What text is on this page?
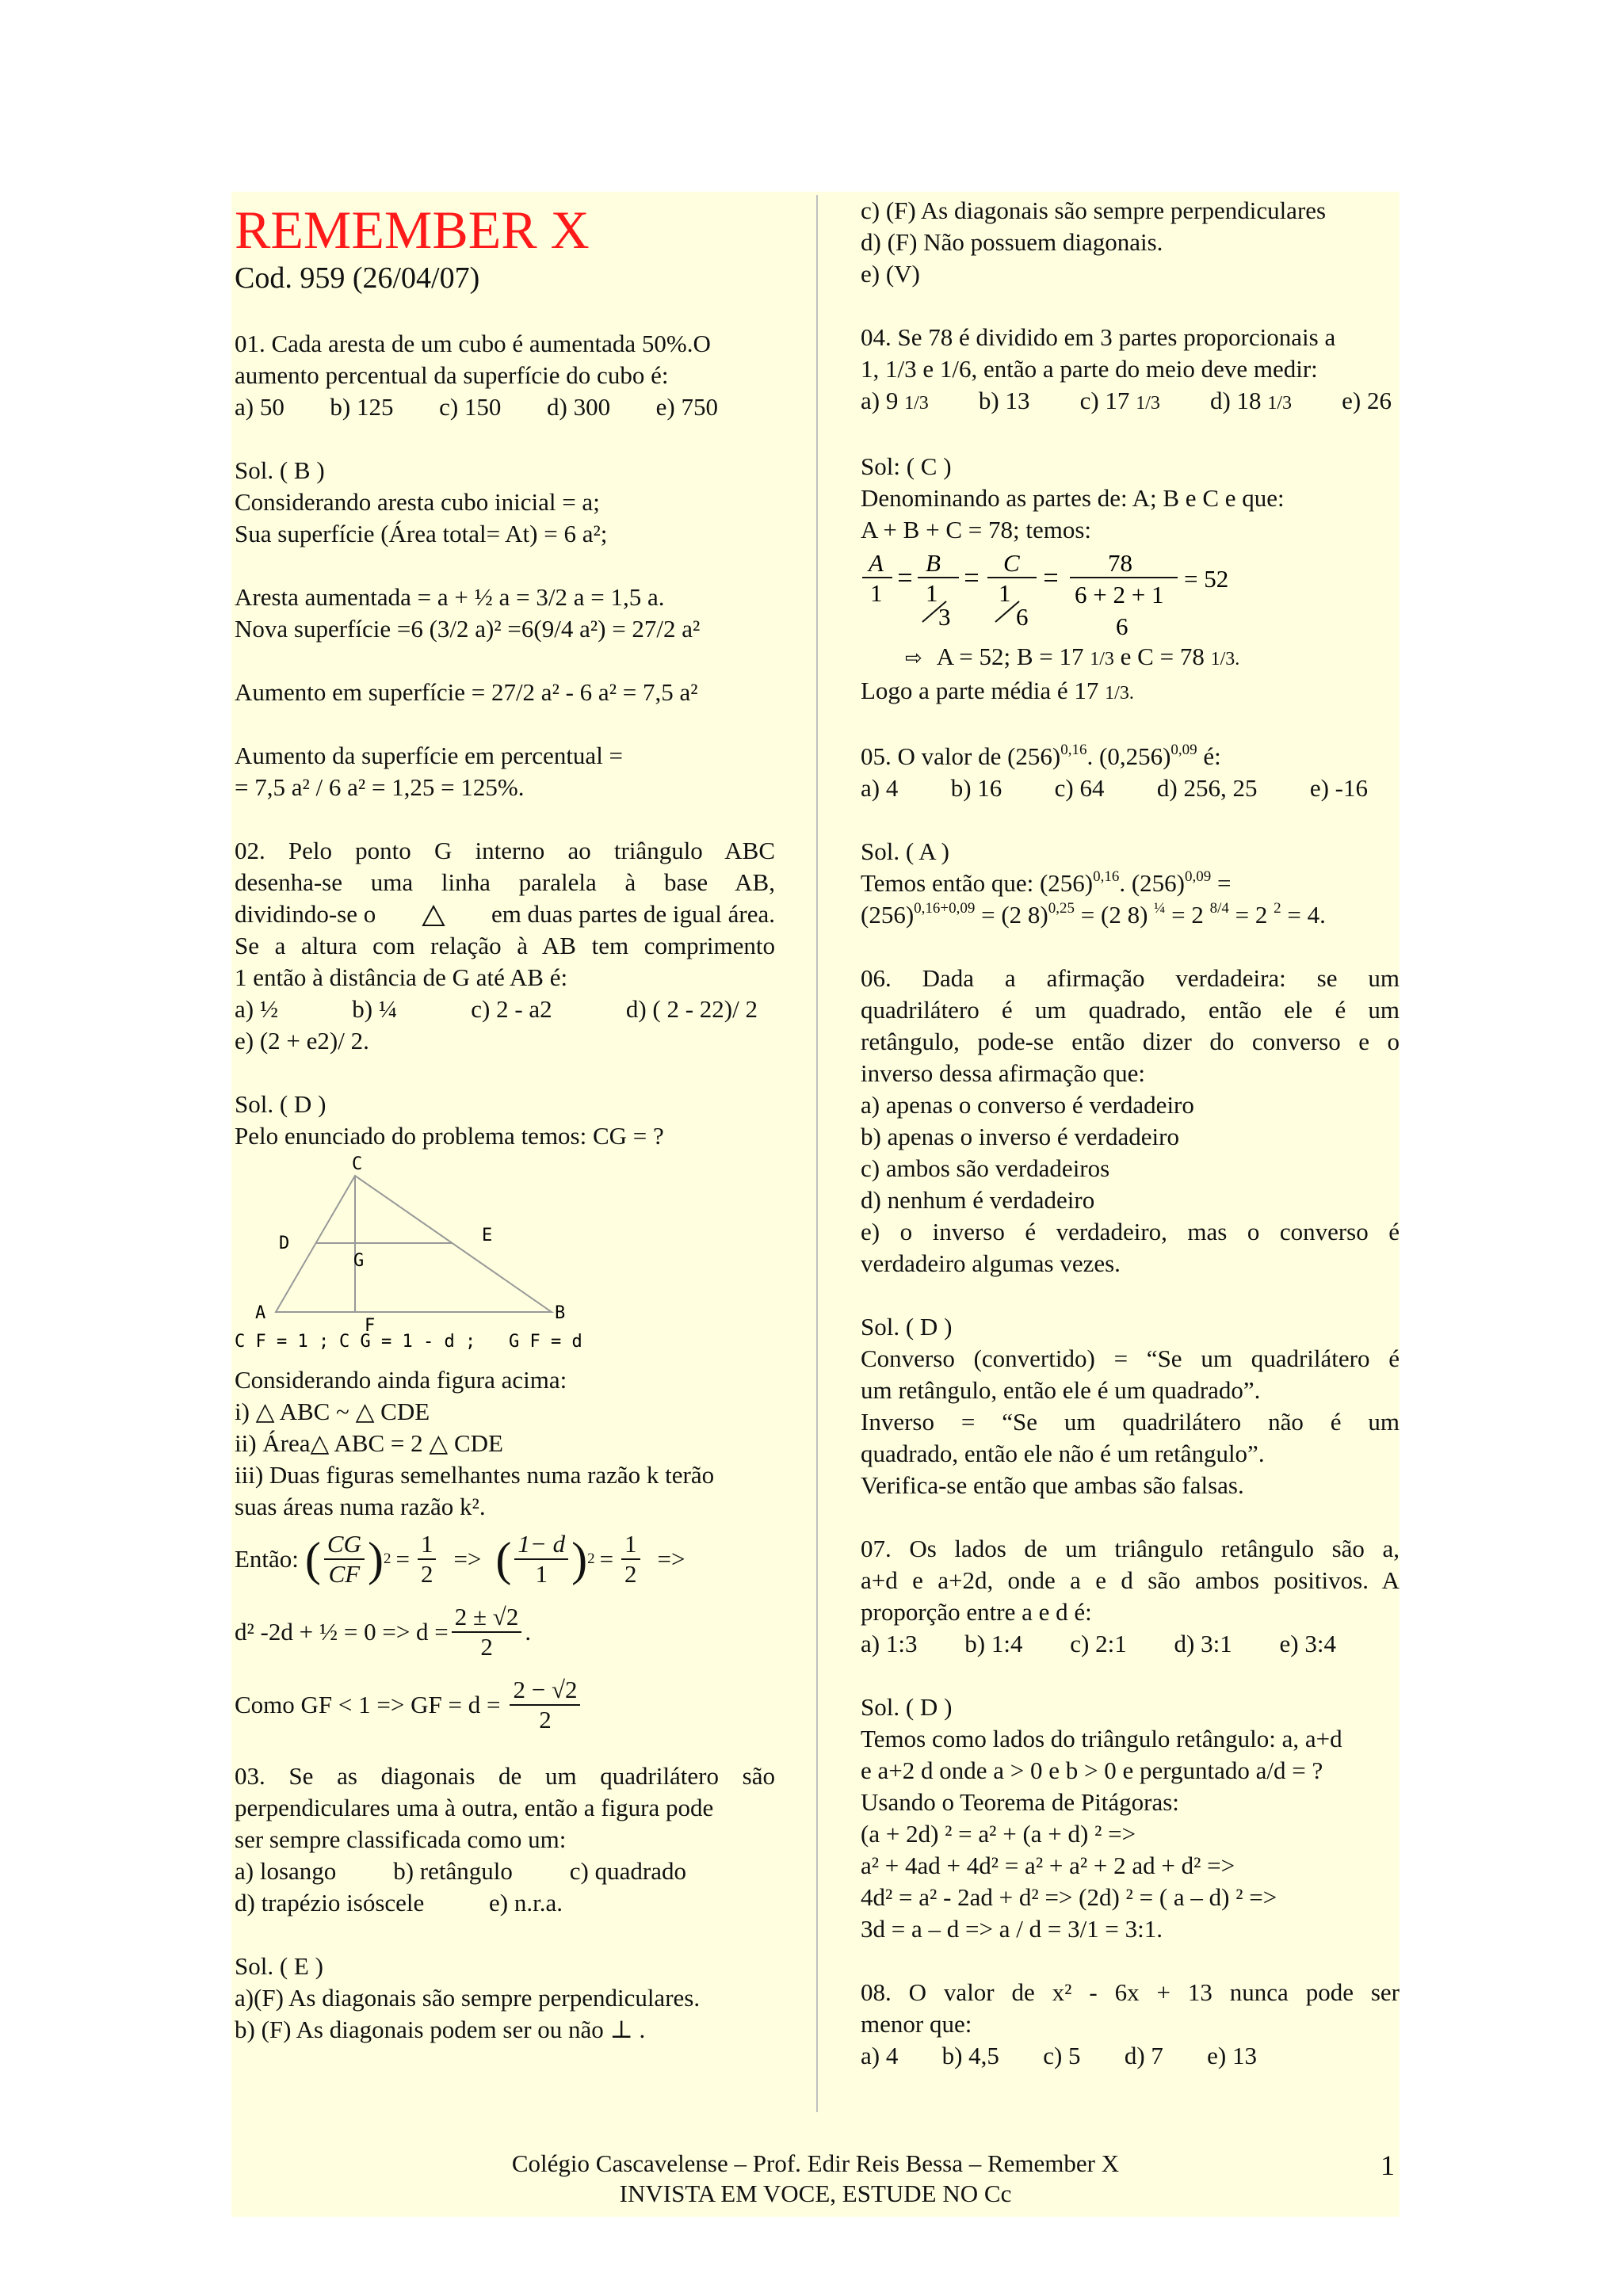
REMEMBER X
Cod. 959 (26/04/07)
01. Cada aresta de um cubo é aumentada 50%.O
aumento percentual da superfície do cubo é:
a) 50 b) 125 c) 150 d) 300 e) 750
Sol. ( B )
Considerando aresta cubo inicial = a;
Sua superfície (Área total= At) = 6 a²;
Aresta aumentada = a + ½ a = 3/2 a = 1,5 a.
Nova superfície =6 (3/2 a)² =6(9/4 a²) = 27/2 a²
Aumento em superfície = 27/2 a² - 6 a² = 7,5 a²
Aumento da superfície em percentual =
= 7,5 a² / 6 a² = 1,25 = 125%.
02. Pelo ponto G interno ao triângulo ABC
desenha-se uma linha paralela à base AB,
dividindo-se o	em duas partes de igual área.
Se a altura com relação à AB tem comprimento
1 então à distância de G até AB é:
a) ½	b) ¼	c) 2 - a2	d) ( 2 - 22)/ 2
e) (2 + e2)/ 2.
Sol. ( D )
Pelo enunciado do problema temos: CG = ?
C
D	E
G
A	B
F
C F = 1 ; C G = 1 - d ; G F = d
Considerando ainda figura acima:
i) △ ABC ~ △ CDE
ii) Área△ ABC = 2 △ CDE
iii) Duas figuras semelhantes numa razão k terão
suas áreas numa razão k².
Então: ( $\frac{CG}{CF}$ ) $2 = \frac{1}{2}$ => ( $\frac{1- d}{1}$ ) $2 = \frac{1}{2}$ =>
d² -2d + ½ = $0 => d = \frac{2 \pm √2}{2}$ .
Como GF < 1 => GF = $d = \frac{2 - √2}{2}$
03. Se as diagonais de um quadrilátero são
perpendiculares uma à outra, então a figura pode
ser sempre classificada como um:
a) losango b) retângulo c) quadrado
d) trapézio isóscele	e) n.r.a.
Sol. ( E )
a)(F) As diagonais são sempre perpendiculares.
b) (F) As diagonais podem ser ou não ⊥ .
c) (F) As diagonais são sempre perpendiculares
d) (F) Não possuem diagonais.
e) (V)
04. Se 78 é dividido em 3 partes proporcionais a
1, 1/3 e 1/6, então a parte do meio deve medir:
a) 9 1/3 b) 13 c) 17 1/3 d) 18 1/3 e) 26
Sol: ( C )
Denominando as partes de: A; B e C e que:
A + B + C = 78; temos:
A
1
B
1
3
C
1
6
78
6 + 2 + 1
6
= 52
⇨ A = 52; B = 17 1/3 e C = 78 1/3.
Logo a parte média é 17 1/3.
05. O valor de $(256)^{0,16}$. $(0,256)^{0,09}$ é:
a) 4 b) 16 c) 64 d) 256, 25 e) -16
Sol. ( A )
Temos então que: $(256)^{0,16}$. $(256)^{0,09}$ =
$(256)^{0,16+0,09} = (2$ 8)$^{0,25}$ = (2 8) $^{\frac{1}{4}}$ = 2 $^{8/4}$ = 2 $^2$ = 4.
06. Dada a afirmação verdadeira: se um
quadrilátero é um quadrado, então ele é um
retângulo, pode-se então dizer do converso e o
inverso dessa afirmação que:
a) apenas o converso é verdadeiro
b) apenas o inverso é verdadeiro
c) ambos são verdadeiros
d) nenhum é verdadeiro
e) o inverso é verdadeiro, mas o converso é
verdadeiro algumas vezes.
Sol. ( D )
Converso (convertido) = “Se um quadrilátero é
um retângulo, então ele é um quadrado”.
Inverso = “Se um quadrilátero não é um
quadrado, então ele não é um retângulo”.
Verifica-se então que ambas são falsas.
07. Os lados de um triângulo retângulo são a,
a+d e a+2d, onde a e d são ambos positivos. A
proporção entre a e d é:
a) 1:3 b) 1:4 c) 2:1 d) 3:1 e) 3:4
Sol. ( D )
Temos como lados do triângulo retângulo: a, a+d
e a+2 d onde a > 0 e b > 0 e perguntado a/d = ?
Usando o Teorema de Pitágoras:
(a + 2d) ² = a² + (a + d) ² =>
a² + 4ad + 4d² = a² + a² + 2 ad + d² =>
4d² = a² - 2ad + d² => (2d) ² = ( a – d) ² =>
3d = a – d => a / d = 3/1 = 3:1.
08. O valor de x² - 6x + 13 nunca pode ser
menor que:
a) 4 b) 4,5 c) 5 d) 7 e) 13
Colégio Cascavelense – Prof. Edir Reis Bessa – Remember X
INVISTA EM VOCE, ESTUDE NO Cc
1
